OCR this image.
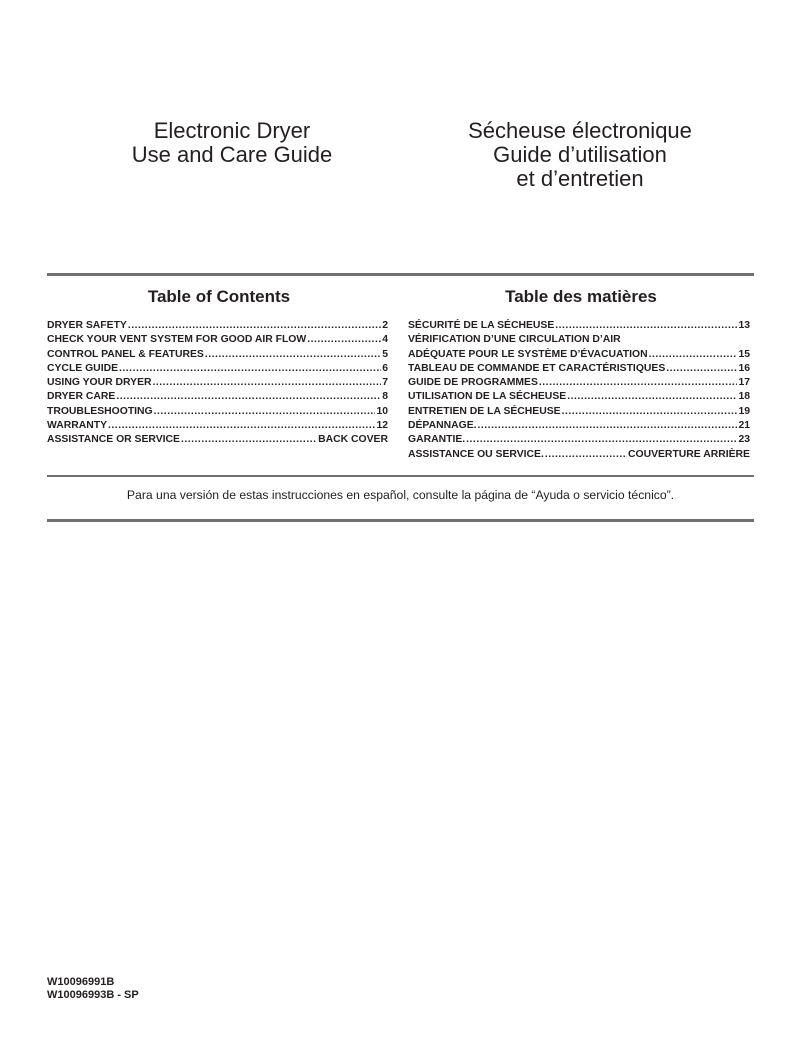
Electronic Dryer
Use and Care Guide
Sécheuse électronique
Guide d’utilisation
et d’entretien
Table of Contents	Table des matières
DRYER SAFETY .....	2
CHECK YOUR VENT SYSTEM FOR GOOD AIR FLOW .....	4
CONTROL PANEL & FEATURES .....	5
CYCLE GUIDE .....	6
USING YOUR DRYER .....	7
DRYER CARE .....	8
TROUBLESHOOTING .....	10
WARRANTY .....	12
ASSISTANCE OR SERVICE .....	BACK COVER
SÉCURITÉ DE LA SÉCHEUSE .....	13
VÉRIFICATION D’UNE CIRCULATION D’AIR
ADÉQUATE POUR LE SYSTÈME D’ÉVACUATION .....	15
TABLEAU DE COMMANDE ET CARACTÉRISTIQUES .....	16
GUIDE DE PROGRAMMES .....	17
UTILISATION DE LA SÉCHEUSE .....	18
ENTRETIEN DE LA SÉCHEUSE .....	19
DÉPANNAGE. .....	21
GARANTIE. .....	23
ASSISTANCE OU SERVICE. .....	COUVERTURE ARRIÈRE
Para una versión de estas instrucciones en español, consulte la página de “Ayuda o servicio técnico”.
W10096991B
W10096993B - SP
